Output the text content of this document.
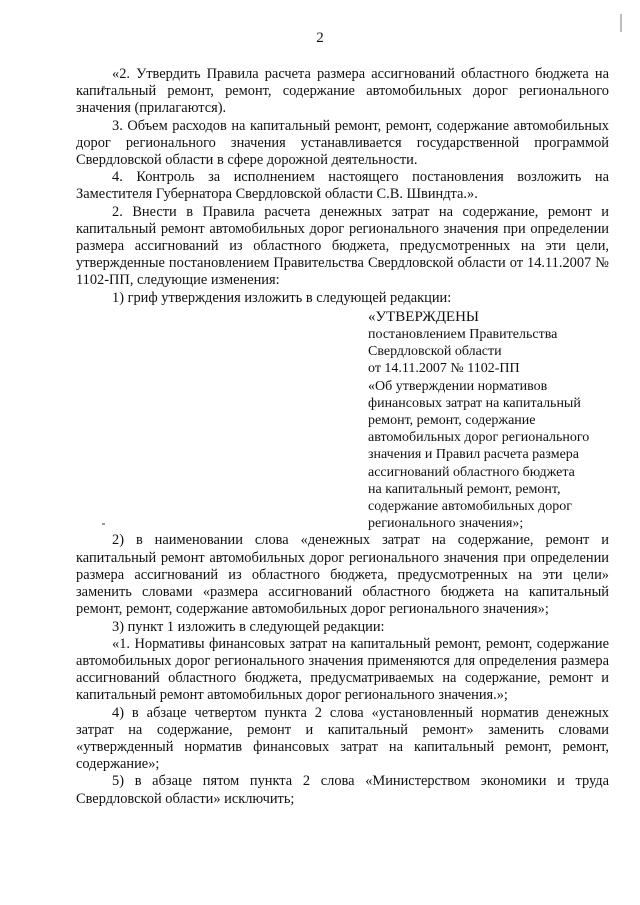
2

«2. Утвердить Правила расчета размера ассигнований областного бюджета на капитальный ремонт, ремонт, содержание автомобильных дорог регионального значения (прилагаются).

3. Объем расходов на капитальный ремонт, ремонт, содержание автомобильных дорог регионального значения устанавливается государственной программой Свердловской области в сфере дорожной деятельности.

4. Контроль за исполнением настоящего постановления возложить на Заместителя Губернатора Свердловской области С.В. Швиндта.».

2. Внести в Правила расчета денежных затрат на содержание, ремонт и капитальный ремонт автомобильных дорог регионального значения при определении размера ассигнований из областного бюджета, предусмотренных на эти цели, утвержденные постановлением Правительства Свердловской области от 14.11.2007 № 1102-ПП, следующие изменения:

1) гриф утверждения изложить в следующей редакции:

«УТВЕРЖДЕНЫ
постановлением Правительства
Свердловской области
от 14.11.2007 № 1102-ПП
«Об утверждении нормативов
финансовых затрат на капитальный
ремонт, ремонт, содержание
автомобильных дорог регионального
значения и Правил расчета размера
ассигнований областного бюджета
на капитальный ремонт, ремонт,
содержание автомобильных дорог
регионального значения»;

2) в наименовании слова «денежных затрат на содержание, ремонт и капитальный ремонт автомобильных дорог регионального значения при определении размера ассигнований из областного бюджета, предусмотренных на эти цели» заменить словами «размера ассигнований областного бюджета на капитальный ремонт, ремонт, содержание автомобильных дорог регионального значения»;

3) пункт 1 изложить в следующей редакции:

«1. Нормативы финансовых затрат на капитальный ремонт, ремонт, содержание автомобильных дорог регионального значения применяются для определения размера ассигнований областного бюджета, предусматриваемых на содержание, ремонт и капитальный ремонт автомобильных дорог регионального значения.»;

4) в абзаце четвертом пункта 2 слова «установленный норматив денежных затрат на содержание, ремонт и капитальный ремонт» заменить словами «утвержденный норматив финансовых затрат на капитальный ремонт, ремонт, содержание»;

5) в абзаце пятом пункта 2 слова «Министерством экономики и труда Свердловской области» исключить;
